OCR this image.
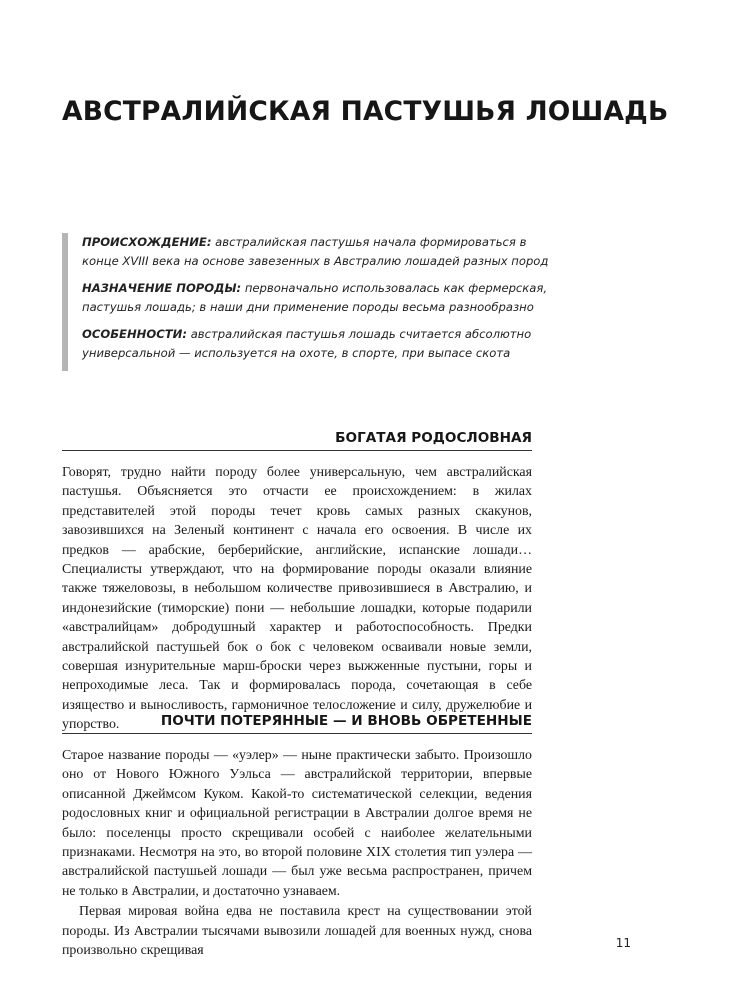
АВСТРАЛИЙСКАЯ ПАСТУШЬЯ ЛОШАДЬ

ПРОИСХОЖДЕНИЕ: австралийская пастушья начала формироваться в конце XVIII века на основе завезенных в Австралию лошадей разных пород

НАЗНАЧЕНИЕ ПОРОДЫ: первоначально использовалась как фермерская, пастушья лошадь; в наши дни применение породы весьма разнообразно

ОСОБЕННОСТИ: австралийская пастушья лошадь считается абсолютно универсальной — используется на охоте, в спорте, при выпасе скота

БОГАТАЯ РОДОСЛОВНАЯ

Говорят, трудно найти породу более универсальную, чем австралийская пастушья. Объясняется это отчасти ее происхождением: в жилах представителей этой породы течет кровь самых разных скакунов, завозившихся на Зеленый континент с начала его освоения. В числе их предков — арабские, берберийские, английские, испанские лошади… Специалисты утверждают, что на формирование породы оказали влияние также тяжеловозы, в небольшом количестве привозившиеся в Австралию, и индонезийские (тиморские) пони — небольшие лошадки, которые подарили «австралийцам» добродушный характер и работоспособность. Предки австралийской пастушьей бок о бок с человеком осваивали новые земли, совершая изнурительные марш-броски через выжженные пустыни, горы и непроходимые леса. Так и формировалась порода, сочетающая в себе изящество и выносливость, гармоничное телосложение и силу, дружелюбие и упорство.	ПОЧТИ ПОТЕРЯННЫЕ — И ВНОВЬ ОБРЕТЕННЫЕ

Старое название породы — «уэлер» — ныне практически забыто. Произошло оно от Нового Южного Уэльса — австралийской территории, впервые описанной Джеймсом Куком. Какой-то систематической селекции, ведения родословных книг и официальной регистрации в Австралии долгое время не было: поселенцы просто скрещивали особей с наиболее желательными признаками. Несмотря на это, во второй половине XIX столетия тип уэлера — австралийской пастушьей лошади — был уже весьма распространен, причем не только в Австралии, и достаточно узнаваем.

Первая мировая война едва не поставила крест на существовании этой породы. Из Австралии тысячами вывозили лошадей для военных нужд, снова произвольно скрещивая

11
